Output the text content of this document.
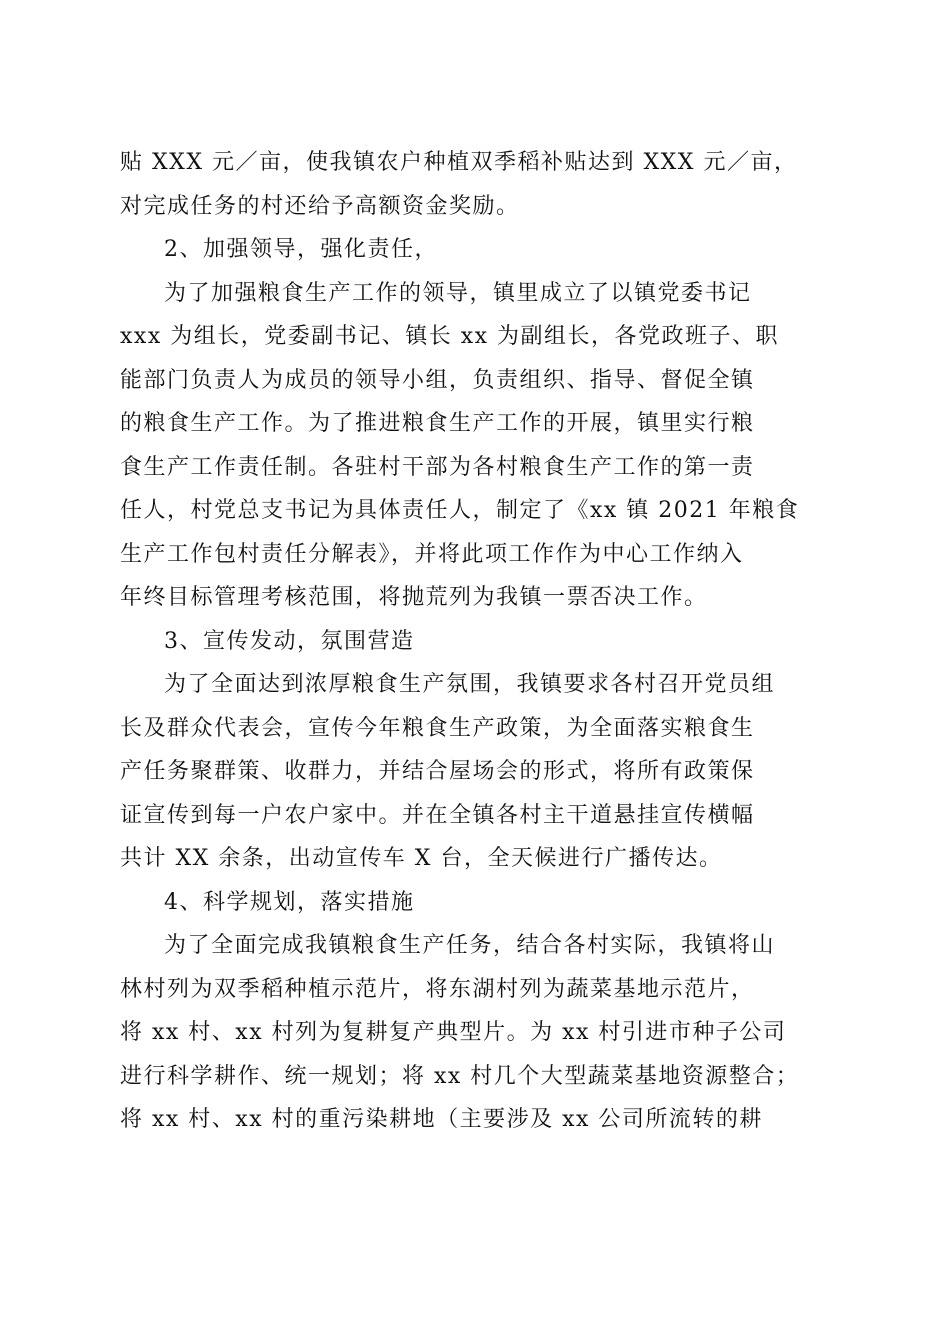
贴 XXX 元／亩，使我镇农户种植双季稻补贴达到 XXX 元／亩，
对完成任务的村还给予高额资金奖励。
2、加强领导，强化责任，
为了加强粮食生产工作的领导，镇里成立了以镇党委书记
xxx 为组长，党委副书记、镇长 xx 为副组长，各党政班子、职
能部门负责人为成员的领导小组，负责组织、指导、督促全镇
的粮食生产工作。为了推进粮食生产工作的开展，镇里实行粮
食生产工作责任制。各驻村干部为各村粮食生产工作的第一责
任人，村党总支书记为具体责任人，制定了《xx 镇 2021 年粮食
生产工作包村责任分解表》，并将此项工作作为中心工作纳入
年终目标管理考核范围，将抛荒列为我镇一票否决工作。
3、宣传发动，氛围营造
为了全面达到浓厚粮食生产氛围，我镇要求各村召开党员组
长及群众代表会，宣传今年粮食生产政策，为全面落实粮食生
产任务聚群策、收群力，并结合屋场会的形式，将所有政策保
证宣传到每一户农户家中。并在全镇各村主干道悬挂宣传横幅
共计 XX 余条，出动宣传车 X 台，全天候进行广播传达。
4、科学规划，落实措施
为了全面完成我镇粮食生产任务，结合各村实际，我镇将山
林村列为双季稻种植示范片，将东湖村列为蔬菜基地示范片，
将 xx 村、xx 村列为复耕复产典型片。为 xx 村引进市种子公司
进行科学耕作、统一规划；将 xx 村几个大型蔬菜基地资源整合；
将 xx 村、xx 村的重污染耕地（主要涉及 xx 公司所流转的耕
